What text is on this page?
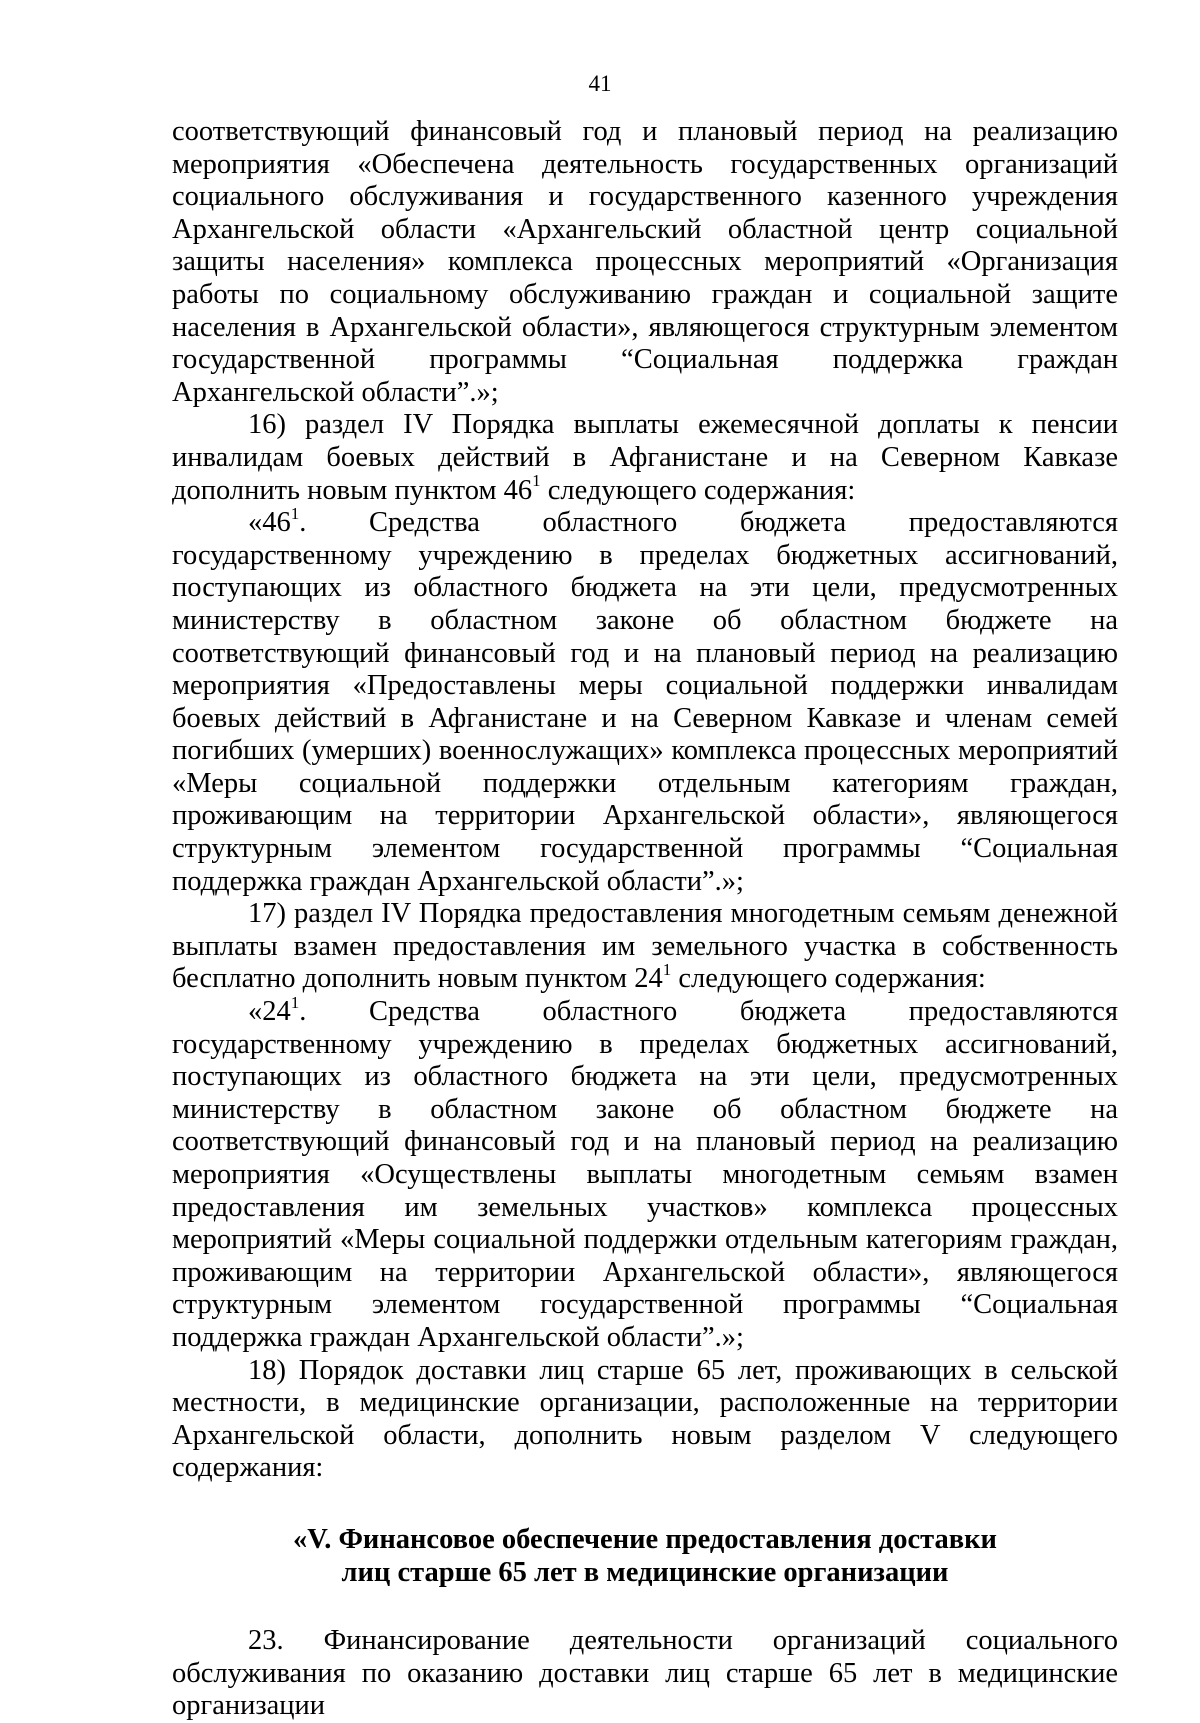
41

соответствующий финансовый год и плановый период на реализацию мероприятия «Обеспечена деятельность государственных организаций социального обслуживания и государственного казенного учреждения Архангельской области «Архангельский областной центр социальной защиты населения» комплекса процессных мероприятий «Организация работы по социальному обслуживанию граждан и социальной защите населения в Архангельской области», являющегося структурным элементом государственной программы “Социальная поддержка граждан Архангельской области”.»;

16) раздел IV Порядка выплаты ежемесячной доплаты к пенсии инвалидам боевых действий в Афганистане и на Северном Кавказе дополнить новым пунктом $46^1$ следующего содержания:

«$46^1$. Средства областного бюджета предоставляются государственному учреждению в пределах бюджетных ассигнований, поступающих из областного бюджета на эти цели, предусмотренных министерству в областном законе об областном бюджете на соответствующий финансовый год и на плановый период на реализацию мероприятия «Предоставлены меры социальной поддержки инвалидам боевых действий в Афганистане и на Северном Кавказе и членам семей погибших (умерших) военнослужащих» комплекса процессных мероприятий «Меры социальной поддержки отдельным категориям граждан, проживающим на территории Архангельской области», являющегося структурным элементом государственной программы “Социальная поддержка граждан Архангельской области”.»;

17) раздел IV Порядка предоставления многодетным семьям денежной выплаты взамен предоставления им земельного участка в собственность бесплатно дополнить новым пунктом $24^1$ следующего содержания:

«$24^1$. Средства областного бюджета предоставляются государственному учреждению в пределах бюджетных ассигнований, поступающих из областного бюджета на эти цели, предусмотренных министерству в областном законе об областном бюджете на соответствующий финансовый год и на плановый период на реализацию мероприятия «Осуществлены выплаты многодетным семьям взамен предоставления им земельных участков» комплекса процессных мероприятий «Меры социальной поддержки отдельным категориям граждан, проживающим на территории Архангельской области», являющегося структурным элементом государственной программы “Социальная поддержка граждан Архангельской области”.»;

18) Порядок доставки лиц старше 65 лет, проживающих в сельской местности, в медицинские организации, расположенные на территории Архангельской области, дополнить новым разделом V следующего содержания:

«V. Финансовое обеспечение предоставления доставки
лиц старше 65 лет в медицинские организации

23. Финансирование деятельности организаций социального обслуживания по оказанию доставки лиц старше 65 лет в медицинские организации
